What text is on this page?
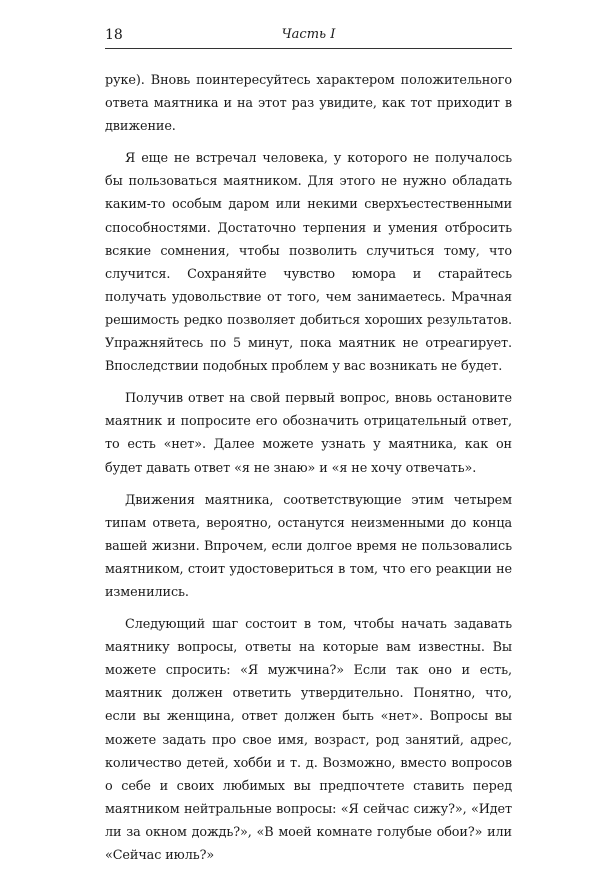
18	Часть I

руке). Вновь поинтересуйтесь характером положительного ответа маятника и на этот раз увидите, как тот приходит в движение.

Я еще не встречал человека, у которого не получалось бы пользоваться маятником. Для этого не нужно обладать каким-то особым даром или некими сверхъестественными способностями. Достаточно терпения и умения отбросить всякие сомнения, чтобы позволить случиться тому, что случится. Сохраняйте чувство юмора и старайтесь получать удовольствие от того, чем занимаетесь. Мрачная решимость редко позволяет добиться хороших результатов. Упражняйтесь по 5 минут, пока маятник не отреагирует. Впоследствии подобных проблем у вас возникать не будет.

Получив ответ на свой первый вопрос, вновь остановите маятник и попросите его обозначить отрицательный ответ, то есть «нет». Далее можете узнать у маятника, как он будет давать ответ «я не знаю» и «я не хочу отвечать».

Движения маятника, соответствующие этим четырем типам ответа, вероятно, останутся неизменными до конца вашей жизни. Впрочем, если долгое время не пользовались маятником, стоит удостовериться в том, что его реакции не изменились.

Следующий шаг состоит в том, чтобы начать задавать маятнику вопросы, ответы на которые вам известны. Вы можете спросить: «Я мужчина?» Если так оно и есть, маятник должен ответить утвердительно. Понятно, что, если вы женщина, ответ должен быть «нет». Вопросы вы можете задать про свое имя, возраст, род занятий, адрес, количество детей, хобби и т. д. Возможно, вместо вопросов о себе и своих любимых вы предпочтете ставить перед маятником нейтральные вопросы: «Я сейчас сижу?», «Идет ли за окном дождь?», «В моей комнате голубые обои?» или «Сейчас июль?»
